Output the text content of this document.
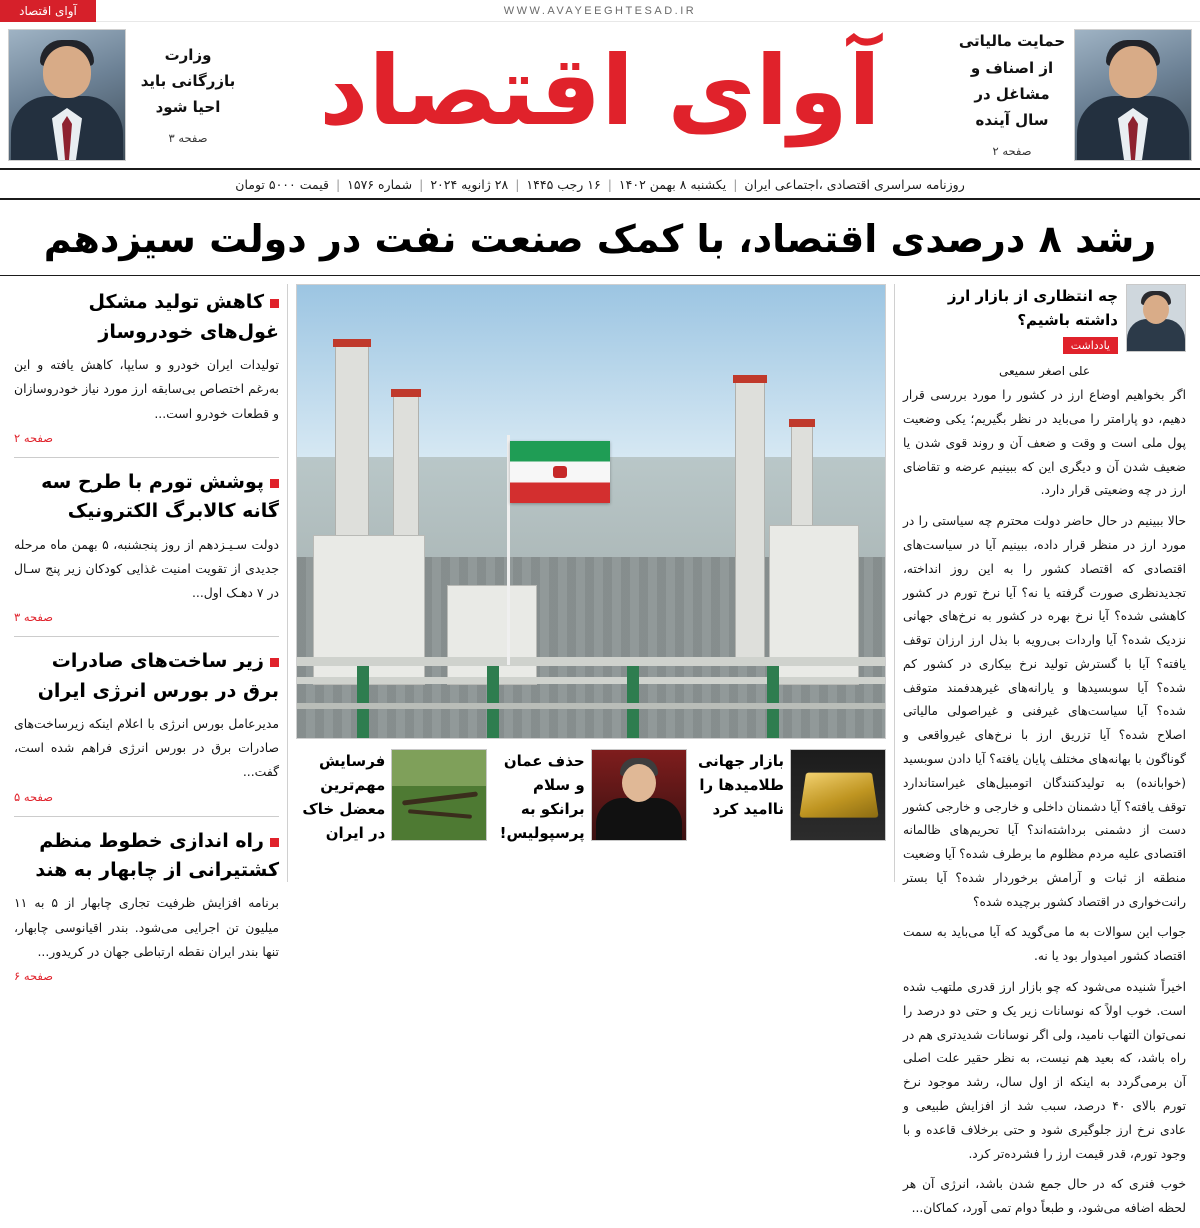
آوای اقتصاد	WWW.AVAYEEGHTESAD.IR
حمایت مالیاتی از اصناف و مشاغل در سال آینده
صفحه ۲
آوای اقتصاد
وزارت بازرگانی باید احیا شود
صفحه ۳
روزنامه سراسری اقتصادی ،اجتماعی ایران
|
یکشنبه ۸ بهمن ۱۴۰۲
|
۱۶ رجب ۱۴۴۵
|
۲۸ ژانویه ۲۰۲۴
|
شماره ۱۵۷۶
|
قیمت ۵۰۰۰ تومان
رشد ۸ درصدی اقتصاد، با کمک صنعت نفت در دولت سیزدهم
چه انتظاری از بازار ارز داشته باشیم؟
یادداشت
علی اصغر سمیعی

اگر بخواهیم اوضاع ارز در کشور را مورد بررسی قرار دهیم، دو پارامتر را می‌باید در نظر بگیریم؛ یکی وضعیت پول ملی است و وقت و ضعف آن و روند قوی شدن یا ضعیف شدن آن و دیگری این که ببینیم عرضه و تقاضای ارز در چه وضعیتی قرار دارد.

حالا ببینیم در حال حاضر دولت محترم چه سیاستی را در مورد ارز در منظر قرار داده، ببینیم آیا در سیاست‌های اقتصادی که اقتصاد کشور را به این روز انداخته، تجدیدنظری صورت گرفته یا نه؟ آیا نرخ تورم در کشور کاهشی شده؟ آیا نرخ بهره در کشور به نرخ‌های جهانی نزدیک شده؟ آیا واردات بی‌رویه با بذل ارز ارزان توقف یافته؟ آیا با گسترش تولید نرخ بیکاری در کشور کم شده؟ آیا سوبسیدها و یارانه‌های غیرهدفمند متوقف شده؟ آیا سیاست‌های غیرفنی و غیراصولی مالیاتی اصلاح شده؟ آیا تزریق ارز با نرخ‌های غیرواقعی و گوناگون با بهانه‌های مختلف پایان یافته؟ آیا دادن سوبسید (خوابانده) به تولیدکنندگان اتومبیل‌های غیراستاندارد توقف یافته؟ آیا دشمنان داخلی و خارجی و خارجی کشور دست از دشمنی برداشته‌اند؟ آیا تحریم‌های ظالمانه اقتصادی علیه مردم مظلوم ما برطرف شده؟ آیا وضعیت منطقه از ثبات و آرامش برخوردار شده؟ آیا بستر رانت‌خواری در اقتصاد کشور برچیده شده؟

جواب این سوالات به ما می‌گوید که آیا می‌باید به سمت اقتصاد کشور امیدوار بود یا نه.

اخیراً شنیده می‌شود که چو بازار ارز قدری ملتهب شده است. خوب اولاً که نوسانات زیر یک و حتی دو درصد را نمی‌توان التهاب نامید، ولی اگر نوسانات شدیدتری هم در راه باشد، که بعید هم نیست، به نظر حقیر علت اصلی آن برمی‌گردد به اینکه از اول سال، رشد موجود نرخ تورم بالای ۴۰ درصد، سبب شد از افزایش طبیعی و عادی نرخ ارز جلوگیری شود و حتی برخلاف قاعده و با وجود تورم، قدر قیمت ارز را فشرده‌تر کرد.

خوب فنری که در حال جمع شدن باشد، انرژی آن هر لحظه اضافه می‌شود، و طبعاً دوام تمی آورد، کماکان...

بازار جهانی طلامیدها را ناامید کرد
حذف عمان و سلام برانکو به پرسپولیس!
فرسایش مهم‌ترین معضل خاک در ایران
کاهش تولید مشکل غول‌های خودروساز
تولیدات ایران خودرو و سایپا، کاهش یافته و این به‌رغم اختصاص بی‌سابقه ارز مورد نیاز خودروسازان و قطعات خودرو است...
صفحه ۲
پوشش تورم با طرح سه گانه کالابرگ الکترونیک
دولت سـیـزدهم از روز پنجشنبه، ۵ بهمن ماه مرحله جدیدی از تقویت امنیت غذایی کودکان زیر پنج سـال در ۷ دهـک اول...
صفحه ۳
زیر ساخت‌های صادرات برق در بورس انرژی ایران
مدیرعامل بورس انرژی با اعلام اینکه زیرساخت‌های صادرات برق در بورس انرژی فراهم شده است، گفت...
صفحه ۵
راه اندازی خطوط منظم کشتیرانی از چابهار به هند
برنامه افزایش ظرفیت تجاری چابهار از ۵ به ۱۱ میلیون تن اجرایی می‌شود. بندر اقیانوسی چابهار، تنها بندر ایران نقطه ارتباطی جهان در کریدور...
صفحه ۶
